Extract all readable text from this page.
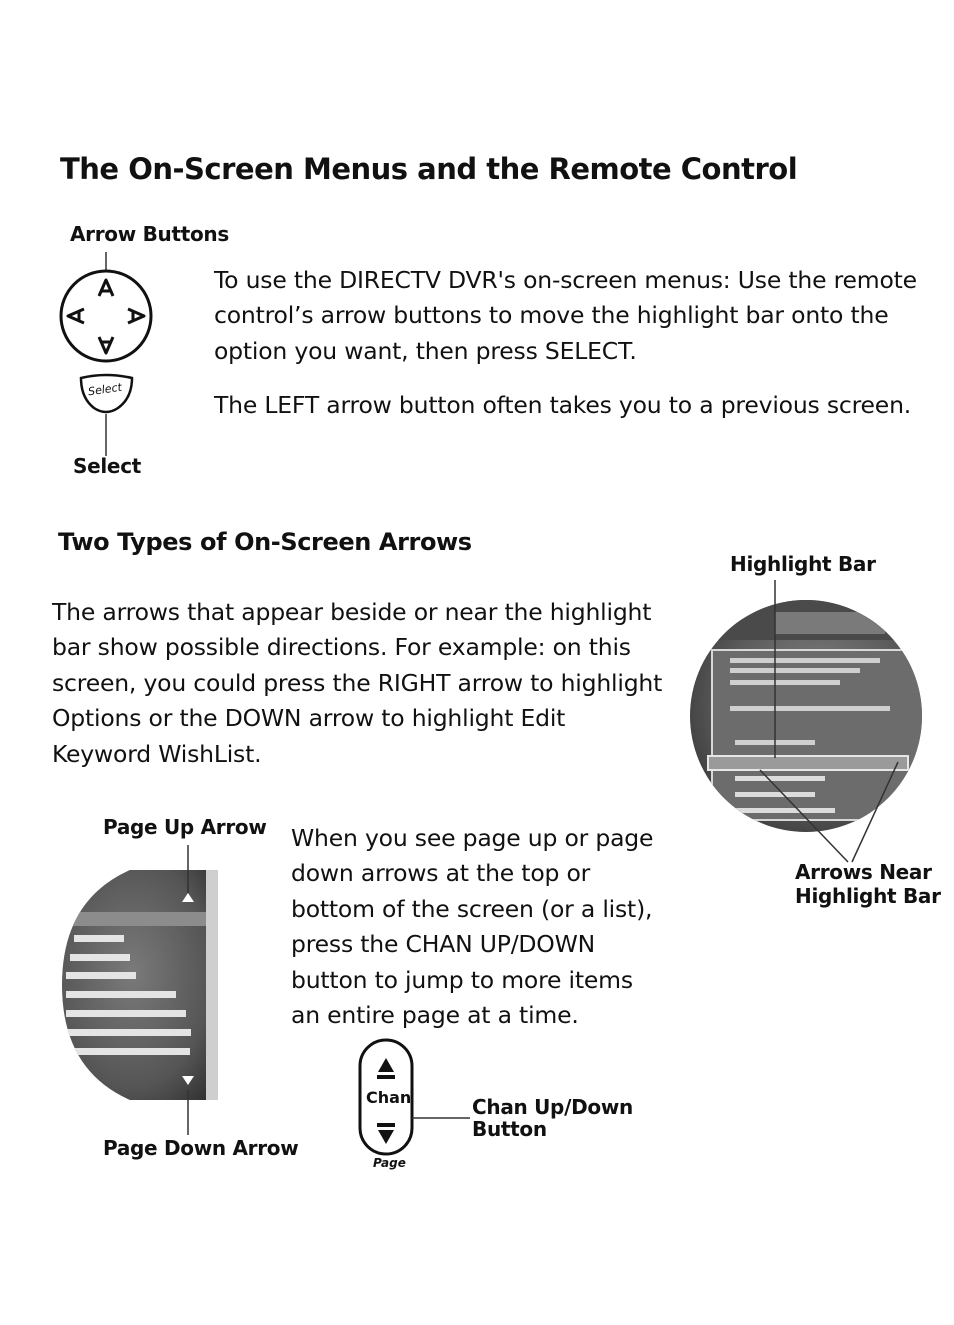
The On-Screen Menus and the Remote Control
Arrow Buttons
Select
Select
To use the DIRECTV DVR's on-screen menus: Use the remote
control’s arrow buttons to move the highlight bar onto the
option you want, then press SELECT.
The LEFT arrow button often takes you to a previous screen.
Two Types of On-Screen Arrows
The arrows that appear beside or near the highlight
bar show possible directions. For example: on this
screen, you could press the RIGHT arrow to highlight
Options or the DOWN arrow to highlight Edit
Keyword WishList.
Highlight Bar
Arrows Near
Highlight Bar
Page Up Arrow
Page Down Arrow
When you see page up or page
down arrows at the top or
bottom of the screen (or a list),
press the CHAN UP/DOWN
button to jump to more items
an entire page at a time.
Chan
Page
Chan Up/Down
Button
